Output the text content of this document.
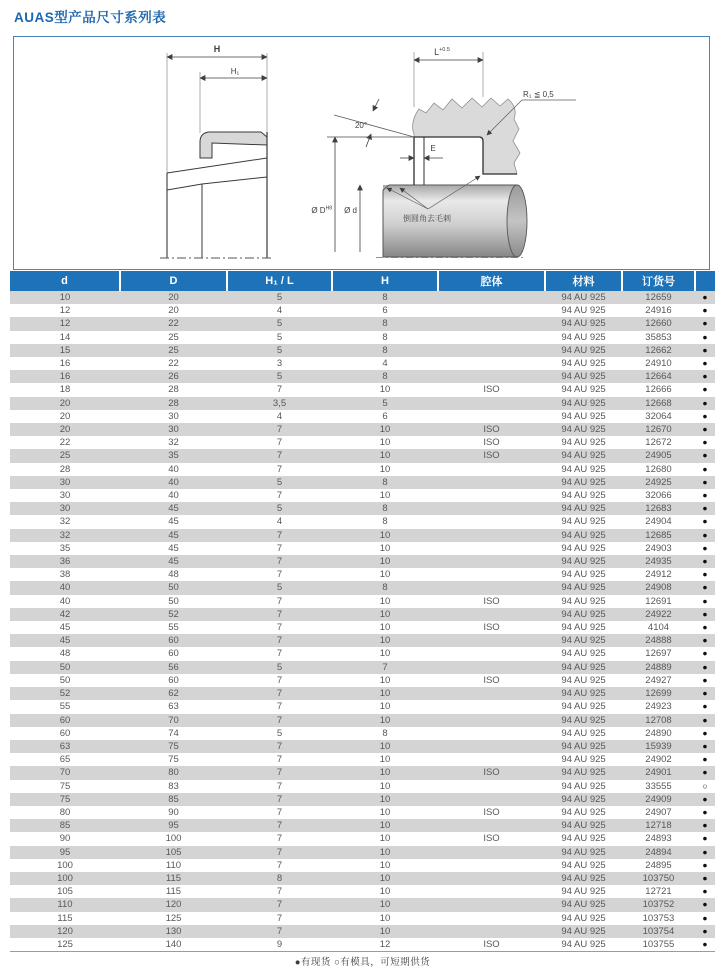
AUAS型产品尺寸系列表
H
H₁
20°
$L^{+0.5}$
R₁ ≦ 0,5
E
Ø $D^{H8}$ Ø d
倒圆角去毛刺
d	D	H₁ / L	H	腔体	材料	订货号	
10	20	5	8		94 AU 925	12659	●
12	20	4	6		94 AU 925	24916	●
12	22	5	8		94 AU 925	12660	●
14	25	5	8		94 AU 925	35853	●
15	25	5	8		94 AU 925	12662	●
16	22	3	4		94 AU 925	24910	●
16	26	5	8		94 AU 925	12664	●
18	28	7	10	ISO	94 AU 925	12666	●
20	28	3,5	5		94 AU 925	12668	●
20	30	4	6		94 AU 925	32064	●
20	30	7	10	ISO	94 AU 925	12670	●
22	32	7	10	ISO	94 AU 925	12672	●
25	35	7	10	ISO	94 AU 925	24905	●
28	40	7	10		94 AU 925	12680	●
30	40	5	8		94 AU 925	24925	●
30	40	7	10		94 AU 925	32066	●
30	45	5	8		94 AU 925	12683	●
32	45	4	8		94 AU 925	24904	●
32	45	7	10		94 AU 925	12685	●
35	45	7	10		94 AU 925	24903	●
36	45	7	10		94 AU 925	24935	●
38	48	7	10		94 AU 925	24912	●
40	50	5	8		94 AU 925	24908	●
40	50	7	10	ISO	94 AU 925	12691	●
42	52	7	10		94 AU 925	24922	●
45	55	7	10	ISO	94 AU 925	4104	●
45	60	7	10		94 AU 925	24888	●
48	60	7	10		94 AU 925	12697	●
50	56	5	7		94 AU 925	24889	●
50	60	7	10	ISO	94 AU 925	24927	●
52	62	7	10		94 AU 925	12699	●
55	63	7	10		94 AU 925	24923	●
60	70	7	10		94 AU 925	12708	●
60	74	5	8		94 AU 925	24890	●
63	75	7	10		94 AU 925	15939	●
65	75	7	10		94 AU 925	24902	●
70	80	7	10	ISO	94 AU 925	24901	●
75	83	7	10		94 AU 925	33555	○
75	85	7	10		94 AU 925	24909	●
80	90	7	10	ISO	94 AU 925	24907	●
85	95	7	10		94 AU 925	12718	●
90	100	7	10	ISO	94 AU 925	24893	●
95	105	7	10		94 AU 925	24894	●
100	110	7	10		94 AU 925	24895	●
100	115	8	10		94 AU 925	103750	●
105	115	7	10		94 AU 925	12721	●
110	120	7	10		94 AU 925	103752	●
115	125	7	10		94 AU 925	103753	●
120	130	7	10		94 AU 925	103754	●
125	140	9	12	ISO	94 AU 925	103755	●
●有现货 ○有模具，可短期供货
